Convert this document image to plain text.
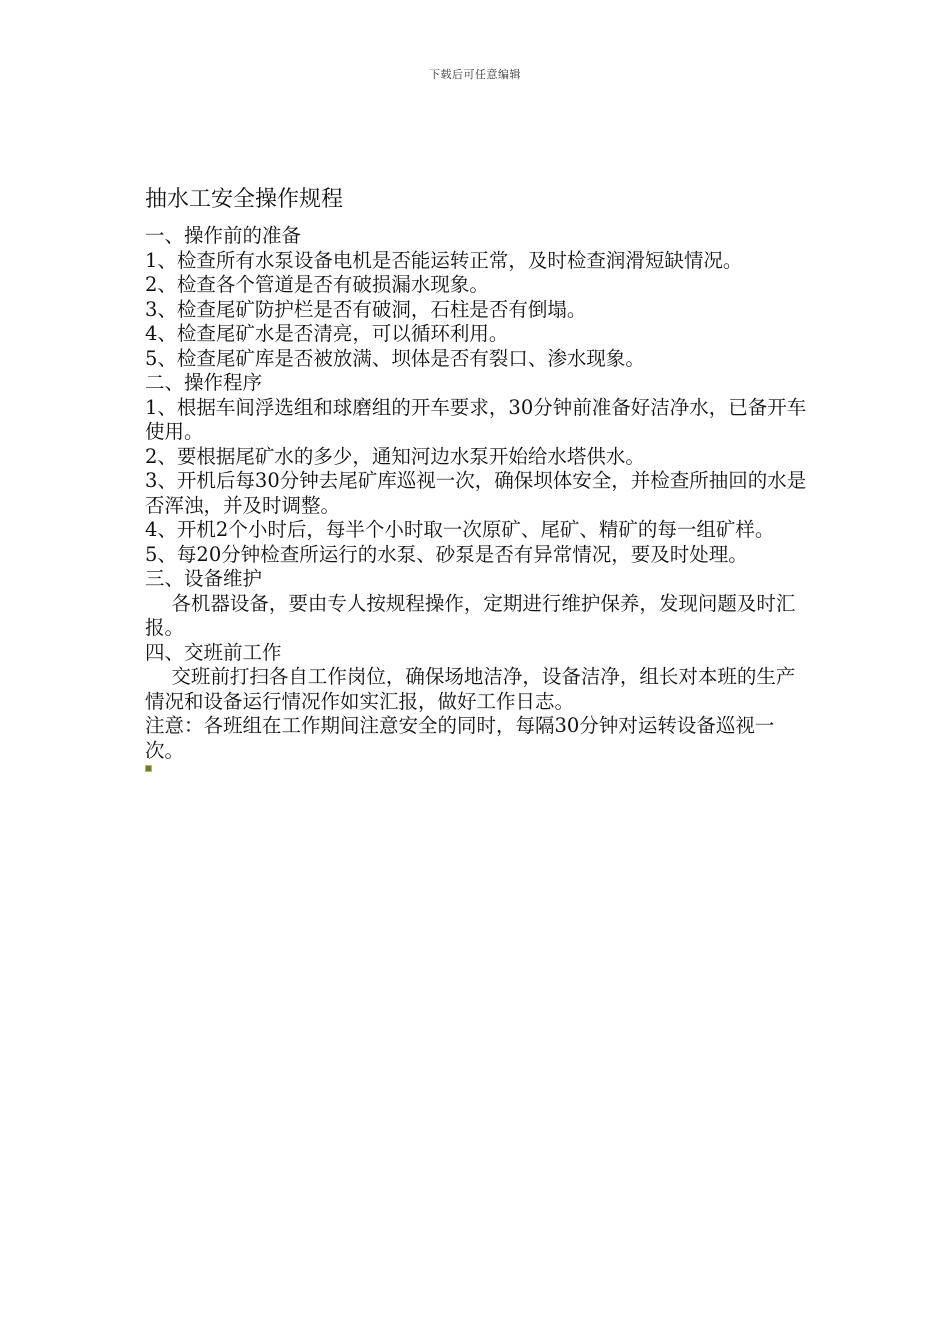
下载后可任意编辑
抽水工安全操作规程

一、操作前的准备

1、检查所有水泵设备电机是否能运转正常，及时检查润滑短缺情况。

2、检查各个管道是否有破损漏水现象。

3、检查尾矿防护栏是否有破洞，石柱是否有倒塌。

4、检查尾矿水是否清亮，可以循环利用。

5、检查尾矿库是否被放满、坝体是否有裂口、渗水现象。

二、操作程序

1、根据车间浮选组和球磨组的开车要求，30分钟前准备好洁净水，已备开车使用。

2、要根据尾矿水的多少，通知河边水泵开始给水塔供水。

3、开机后每30分钟去尾矿库巡视一次，确保坝体安全，并检查所抽回的水是否浑浊，并及时调整。

4、开机2个小时后，每半个小时取一次原矿、尾矿、精矿的每一组矿样。

5、每20分钟检查所运行的水泵、砂泵是否有异常情况，要及时处理。

三、设备维护

各机器设备，要由专人按规程操作，定期进行维护保养，发现问题及时汇报。

四、交班前工作

交班前打扫各自工作岗位，确保场地洁净，设备洁净，组长对本班的生产情况和设备运行情况作如实汇报，做好工作日志。

注意：各班组在工作期间注意安全的同时，每隔30分钟对运转设备巡视一次。
